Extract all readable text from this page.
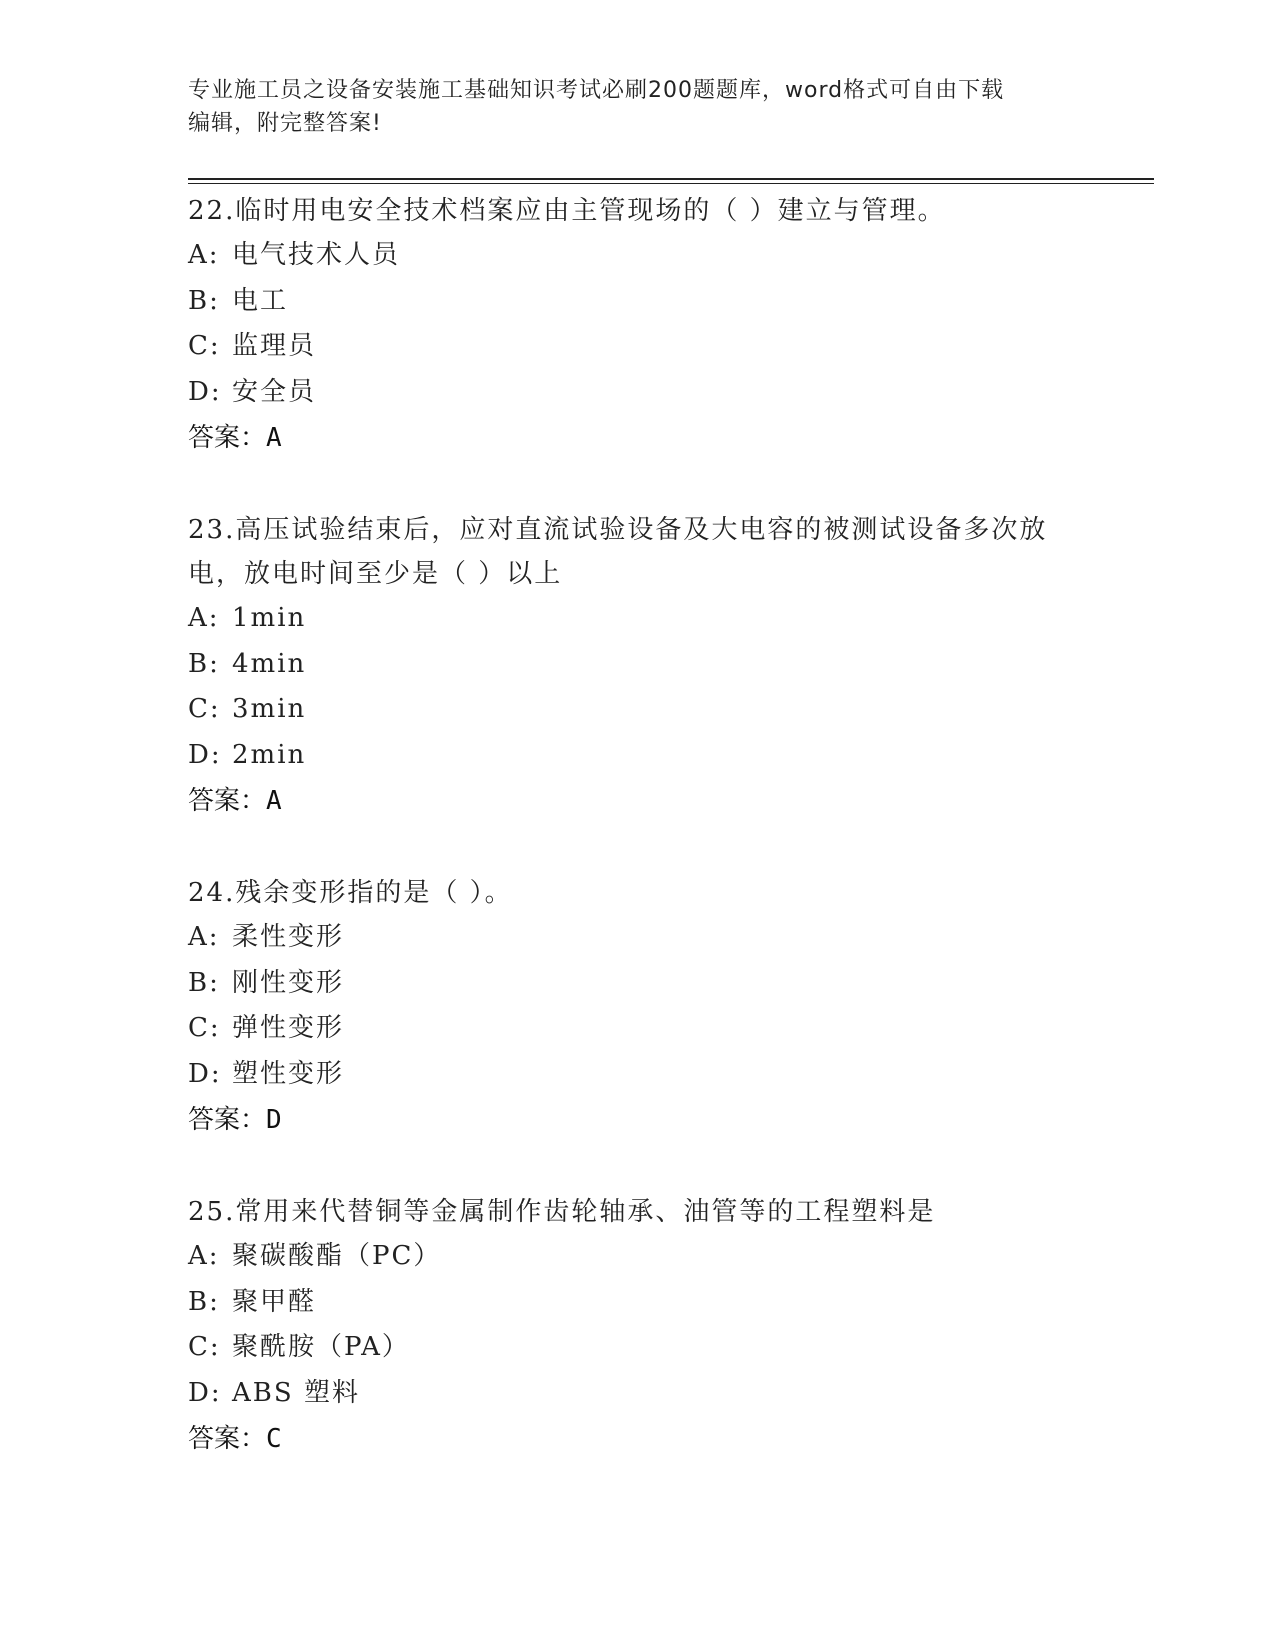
专业施工员之设备安装施工基础知识考试必刷200题题库，word格式可自由下载
编辑，附完整答案!

22.临时用电安全技术档案应由主管现场的（ ）建立与管理。

A: 电气技术人员

B: 电工

C: 监理员

D: 安全员

答案：A

23.高压试验结束后，应对直流试验设备及大电容的被测试设备多次放电，放电时间至少是（ ）以上

A: 1min

B: 4min

C: 3min

D: 2min

答案：A

24.残余变形指的是（ ）。

A: 柔性变形

B: 刚性变形

C: 弹性变形

D: 塑性变形

答案：D

25.常用来代替铜等金属制作齿轮轴承、油管等的工程塑料是

A: 聚碳酸酯（PC）

B: 聚甲醛

C: 聚酰胺（PA）

D: ABS 塑料

答案：C
